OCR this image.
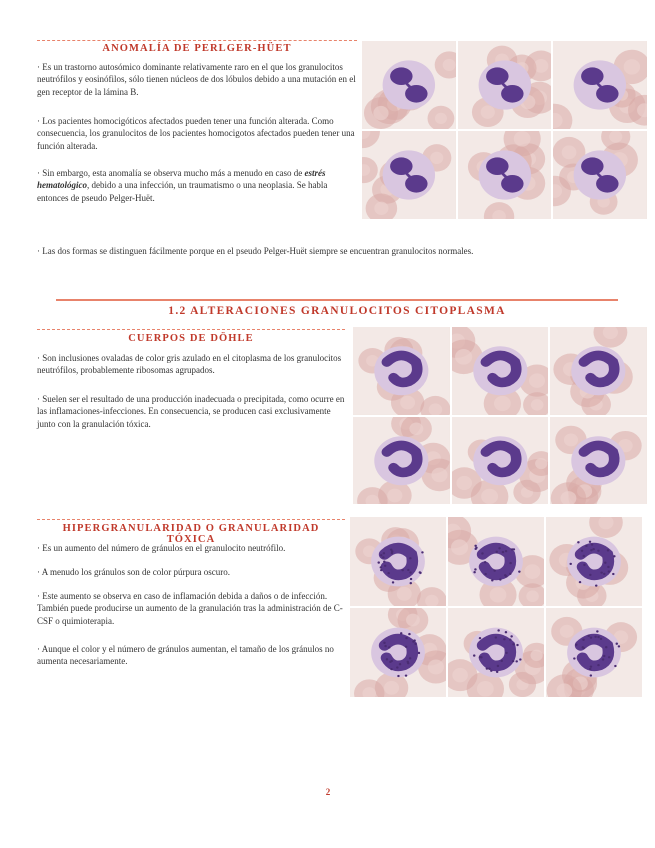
ANOMALÍA DE PERLGER-HÜET
· Es un trastorno autosómico dominante relativamente raro en el que los granulocitos neutrófilos y eosinófilos, sólo tienen núcleos de dos lóbulos debido a una mutación en el gen receptor de la lámina B.
· Los pacientes homocigóticos afectados pueden tener una función alterada. Como consecuencia, los granulocitos de los pacientes homocigotos afectados pueden tener una función alterada.
· Sin embargo, esta anomalía se observa mucho más a menudo en caso de estrés hematológico, debido a una infección, un traumatismo o una neoplasia. Se habla entonces de pseudo Pelger-Huët.
· Las dos formas se distinguen fácilmente porque en el pseudo Pelger-Huët siempre se encuentran granulocitos normales.
1.2 ALTERACIONES GRANULOCITOS CITOPLASMA
CUERPOS DE DÖHLE
· Son inclusiones ovaladas de color gris azulado en el citoplasma de los granulocitos neutrófilos, probablemente ribosomas agrupados.
· Suelen ser el resultado de una producción inadecuada o precipitada, como ocurre en las inflamaciones-infecciones. En consecuencia, se producen casi exclusivamente junto con la granulación tóxica.
HIPERGRANULARIDAD O GRANULARIDAD TÓXICA
· Es un aumento del número de gránulos en el granulocito neutrófilo.
· A menudo los gránulos son de color púrpura oscuro.
· Este aumento se observa en caso de inflamación debida a daños o de infección. También puede producirse un aumento de la granulación tras la administración de C-CSF o quimioterapia.
· Aunque el color y el número de gránulos aumentan, el tamaño de los gránulos no aumenta necesariamente.
2
